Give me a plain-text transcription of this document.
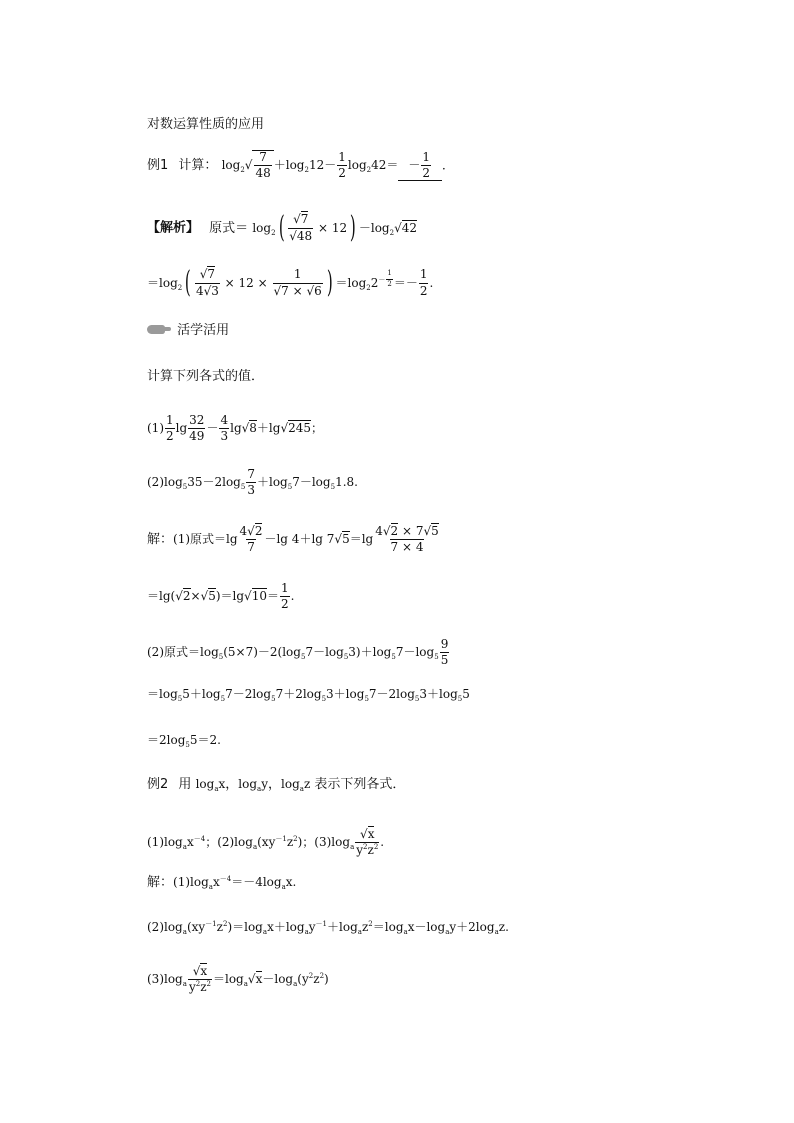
对数运算性质的应用
例1 计算： $\log_2√ \frac{7}{48} +\log_212- \frac{1}{2} \log_242= - \frac{1}{2}$ ．
【解析】 原式＝ $\log_2( \frac{√7}{√48} \times 12) -\log_2√42$
$=\log_2( \frac{√7}{4√3} \times 12 \times \frac{1}{√7 \times √6}$ ) $=\log_22^{- \frac{1}{2}} =- \frac{1}{2}$ .
活学活用
计算下列各式的值．
$(1) \frac{1}{2}$ $\lg \frac{32}{49} - \frac{4}{3} \lg√8+\lg√245$；
$(2)\log_535-2\log_5 \frac{7}{3} +\log_57-\log_51.8$.
解：(1)原式$=\lg \frac{4√2}{7} -\lg$ 4＋lg $7√5=\lg \frac{4√2 \times 7√5}{7 \times 4}$
$=\lg(√2\times√5)=\lg√10= \frac{1}{2}$ .
(2)原式$=\log_5(5\times 7)-2(\log_57-\log_53)+\log_57-\log_5 \frac{9}{5}$
$=\log_55+\log_57-2\log_57+2\log_53+\log_57-2\log_53+\log_55$
$=2\log_55=2$.
例2 用 $\log_ax$，$\log_ay$，$\log_az$ 表示下列各式．
$(1)\log_ax^{-4}$；$(2)\log_a(xy^{-1}z^2)$；$(3)\log_a \frac{√x}{y^2z^2}$ .
解：$(1)\log_ax^{-4}=-4\log_ax$.
$(2)\log_a(xy^{-1}z^2)=\log_ax+\log_ay^{-1}+\log_az^2=\log_ax-\log_ay+2\log_az$.
$(3)\log_a \frac{√x}{y^2z^2} =\log_a√x-\log_a(y^2z^2)$
